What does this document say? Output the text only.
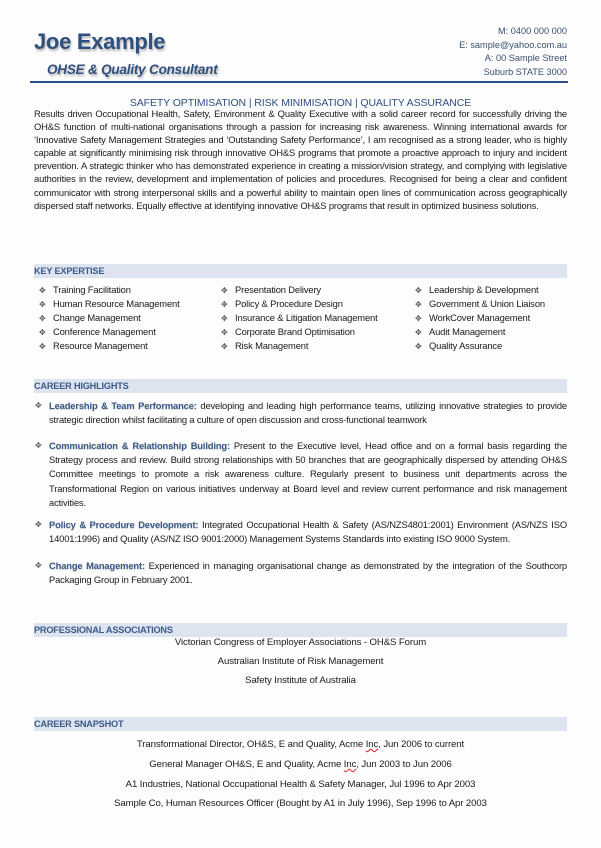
Joe Example
OHSE & Quality Consultant
M: 0400 000 000
E: sample@yahoo.com.au
A: 00 Sample Street
Suburb STATE 3000
SAFETY OPTIMISATION | RISK MINIMISATION | QUALITY ASSURANCE
Results driven Occupational Health, Safety, Environment & Quality Executive with a solid career record for successfully driving the OH&S function of multi-national organisations through a passion for increasing risk awareness. Winning international awards for ‘Innovative Safety Management Strategies and ‘Outstanding Safety Performance’, I am recognised as a strong leader, who is highly capable at significantly minimising risk through innovative OH&S programs that promote a proactive approach to injury and incident prevention. A strategic thinker who has demonstrated experience in creating a mission/vision strategy, and complying with legislative authorities in the review, development and implementation of policies and procedures. Recognised for being a clear and confident communicator with strong interpersonal skills and a powerful ability to maintain open lines of communication across geographically dispersed staff networks. Equally effective at identifying innovative OH&S programs that result in optimized business solutions.
KEY EXPERTISE
✥ Training Facilitation
✥ Human Resource Management
✥ Change Management
✥ Conference Management
✥ Resource Management
✥ Presentation Delivery
✥ Policy & Procedure Design
✥ Insurance & Litigation Management
✥ Corporate Brand Optimisation
✥ Risk Management
✥ Leadership & Development
✥ Government & Union Liaison
✥ WorkCover Management
✥ Audit Management
✥ Quality Assurance
CAREER HIGHLIGHTS
✥ Leadership & Team Performance: developing and leading high performance teams, utilizing innovative strategies to provide strategic direction whilst facilitating a culture of open discussion and cross-functional teamwork
✥ Communication & Relationship Building: Present to the Executive level, Head office and on a formal basis regarding the Strategy process and review. Build strong relationships with 50 branches that are geographically dispersed by attending OH&S Committee meetings to promote a risk awareness culture. Regularly present to business unit departments across the Transformational Region on various initiatives underway at Board level and review current performance and risk management activities.
✥ Policy & Procedure Development: Integrated Occupational Health & Safety (AS/NZS4801:2001) Environment (AS/NZS ISO 14001:1996) and Quality (AS/NZ ISO 9001:2000) Management Systems Standards into existing ISO 9000 System.
✥ Change Management: Experienced in managing organisational change as demonstrated by the integration of the Southcorp Packaging Group in February 2001.
PROFESSIONAL ASSOCIATIONS
Victorian Congress of Employer Associations - OH&S Forum
Australian Institute of Risk Management
Safety Institute of Australia
CAREER SNAPSHOT
Transformational Director, OH&S, E and Quality, Acme Inc, Jun 2006 to current
General Manager OH&S, E and Quality, Acme Inc, Jun 2003 to Jun 2006
A1 Industries, National Occupational Health & Safety Manager, Jul 1996 to Apr 2003
Sample Co, Human Resources Officer (Bought by A1 in July 1996), Sep 1996 to Apr 2003
